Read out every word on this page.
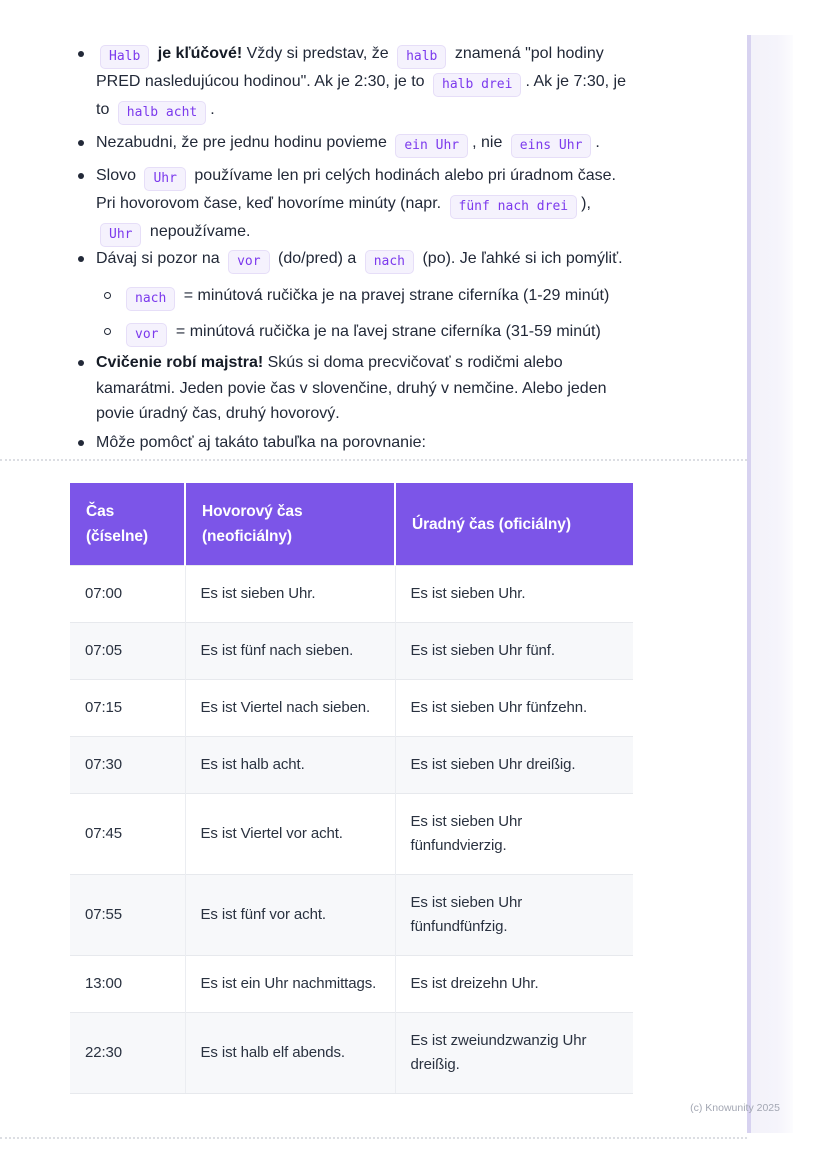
Halb je kľúčové! Vždy si predstav, že halb znamená "pol hodiny PRED nasledujúcou hodinou". Ak je 2:30, je to halb drei . Ak je 7:30, je to halb acht .
Nezabudni, že pre jednu hodinu povieme ein Uhr , nie eins Uhr .
Slovo Uhr používame len pri celých hodinách alebo pri úradnom čase. Pri hovorovom čase, keď hovoríme minúty (napr. fünf nach drei ), Uhr nepoužívame.
Dávaj si pozor na vor (do/pred) a nach (po). Je ľahké si ich pomýliť.
nach = minútová ručička je na pravej strane ciferníka (1-29 minút)
vor = minútová ručička je na ľavej strane ciferníka (31-59 minút)
Cvičenie robí majstra! Skús si doma precvičovať s rodičmi alebo kamarátmi. Jeden povie čas v slovenčine, druhý v nemčine. Alebo jeden povie úradný čas, druhý hovorový.
Môže pomôcť aj takáto tabuľka na porovnanie:
Čas (číselne)	Hovorový čas (neoficiálny)	Úradný čas (oficiálny)
07:00	Es ist sieben Uhr.	Es ist sieben Uhr.
07:05	Es ist fünf nach sieben.	Es ist sieben Uhr fünf.
07:15	Es ist Viertel nach sieben.	Es ist sieben Uhr fünfzehn.
07:30	Es ist halb acht.	Es ist sieben Uhr dreißig.
07:45	Es ist Viertel vor acht.	Es ist sieben Uhr fünfundvierzig.
07:55	Es ist fünf vor acht.	Es ist sieben Uhr fünfundfünfzig.
13:00	Es ist ein Uhr nachmittags.	Es ist dreizehn Uhr.
22:30	Es ist halb elf abends.	Es ist zweiundzwanzig Uhr dreißig.
(c) Knowunity 2025
